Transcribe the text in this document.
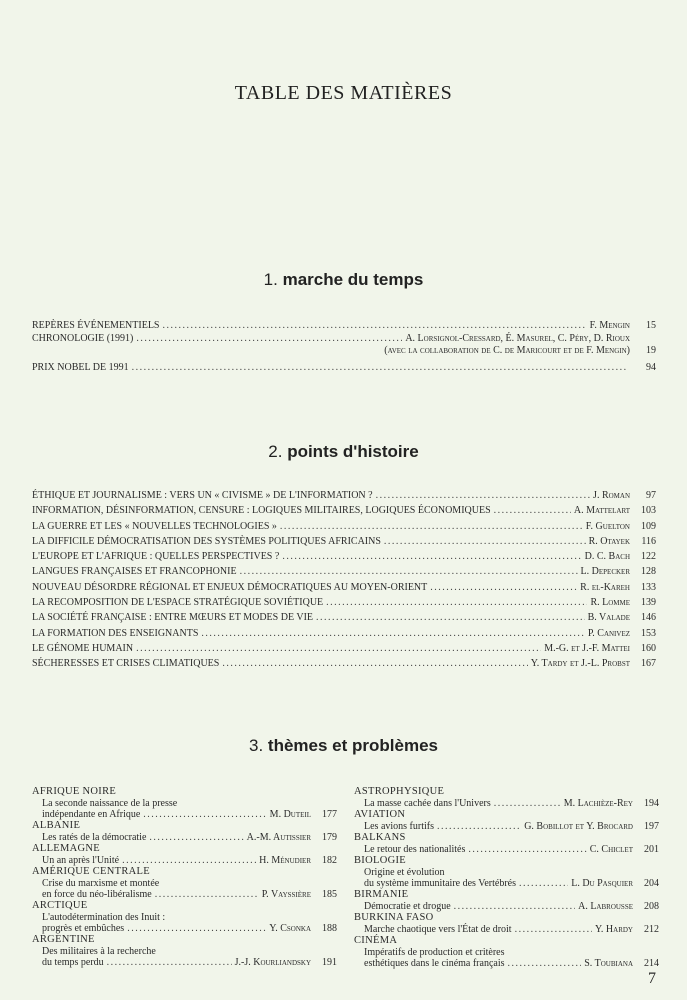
TABLE DES MATIÈRES
1. marche du temps
REPÈRES ÉVÉNEMENTIELS .....	F. Mengin	15
CHRONOLOGIE (1991) .....	A. Lorsignol-Cressard, É. Masurel, C. Péry, D. Rioux
(avec la collaboration de C. de Maricourt et de F. Mengin)	19
PRIX NOBEL DE 1991 .....	94
2. points d'histoire
ÉTHIQUE ET JOURNALISME : VERS UN « CIVISME » DE L'INFORMATION ? .....	J. Roman	97
INFORMATION, DÉSINFORMATION, CENSURE : LOGIQUES MILITAIRES, LOGIQUES ÉCONOMIQUES .....	A. Mattelart	103
LA GUERRE ET LES « NOUVELLES TECHNOLOGIES » .....	F. Guelton	109
LA DIFFICILE DÉMOCRATISATION DES SYSTÈMES POLITIQUES AFRICAINS .....	R. Otayek	116
L'EUROPE ET L'AFRIQUE : QUELLES PERSPECTIVES ? .....	D. C. Bach	122
LANGUES FRANÇAISES ET FRANCOPHONIE .....	L. Depecker	128
NOUVEAU DÉSORDRE RÉGIONAL ET ENJEUX DÉMOCRATIQUES AU MOYEN-ORIENT .....	R. el-Kareh	133
LA RECOMPOSITION DE L'ESPACE STRATÉGIQUE SOVIÉTIQUE .....	R. Lomme	139
LA SOCIÉTÉ FRANÇAISE : ENTRE MŒURS ET MODES DE VIE .....	B. Valade	146
LA FORMATION DES ENSEIGNANTS .....	P. Canivez	153
LE GÉNOME HUMAIN .....	M.-G. et J.-F. Mattei	160
SÉCHERESSES ET CRISES CLIMATIQUES .....	Y. Tardy et J.-L. Probst	167
3. thèmes et problèmes
AFRIQUE NOIRE
La seconde naissance de la presse
indépendante en Afrique .....	M. Duteil	177
ALBANIE
Les ratés de la démocratie .....	A.-M. Autissier	179
ALLEMAGNE
Un an après l'Unité .....	H. Ménudier	182
AMÉRIQUE CENTRALE
Crise du marxisme et montée
en force du néo-libéralisme .....	P. Vayssière	185
ARCTIQUE
L'autodétermination des Inuit :
progrès et embûches .....	Y. Csonka	188
ARGENTINE
Des militaires à la recherche
du temps perdu .....	J.-J. Kourliandsky	191
ASTROPHYSIQUE
La masse cachée dans l'Univers .....	M. Lachièze-Rey	194
AVIATION
Les avions furtifs .....	G. Bobillot et Y. Brocard	197
BALKANS
Le retour des nationalités .....	C. Chiclet	201
BIOLOGIE
Origine et évolution
du système immunitaire des Vertébrés .....	L. Du Pasquier	204
BIRMANIE
Démocratie et drogue .....	A. Labrousse	208
BURKINA FASO
Marche chaotique vers l'État de droit .....	Y. Hardy	212
CINÉMA
Impératifs de production et critères
esthétiques dans le cinéma français .....	S. Toubiana	214
7
